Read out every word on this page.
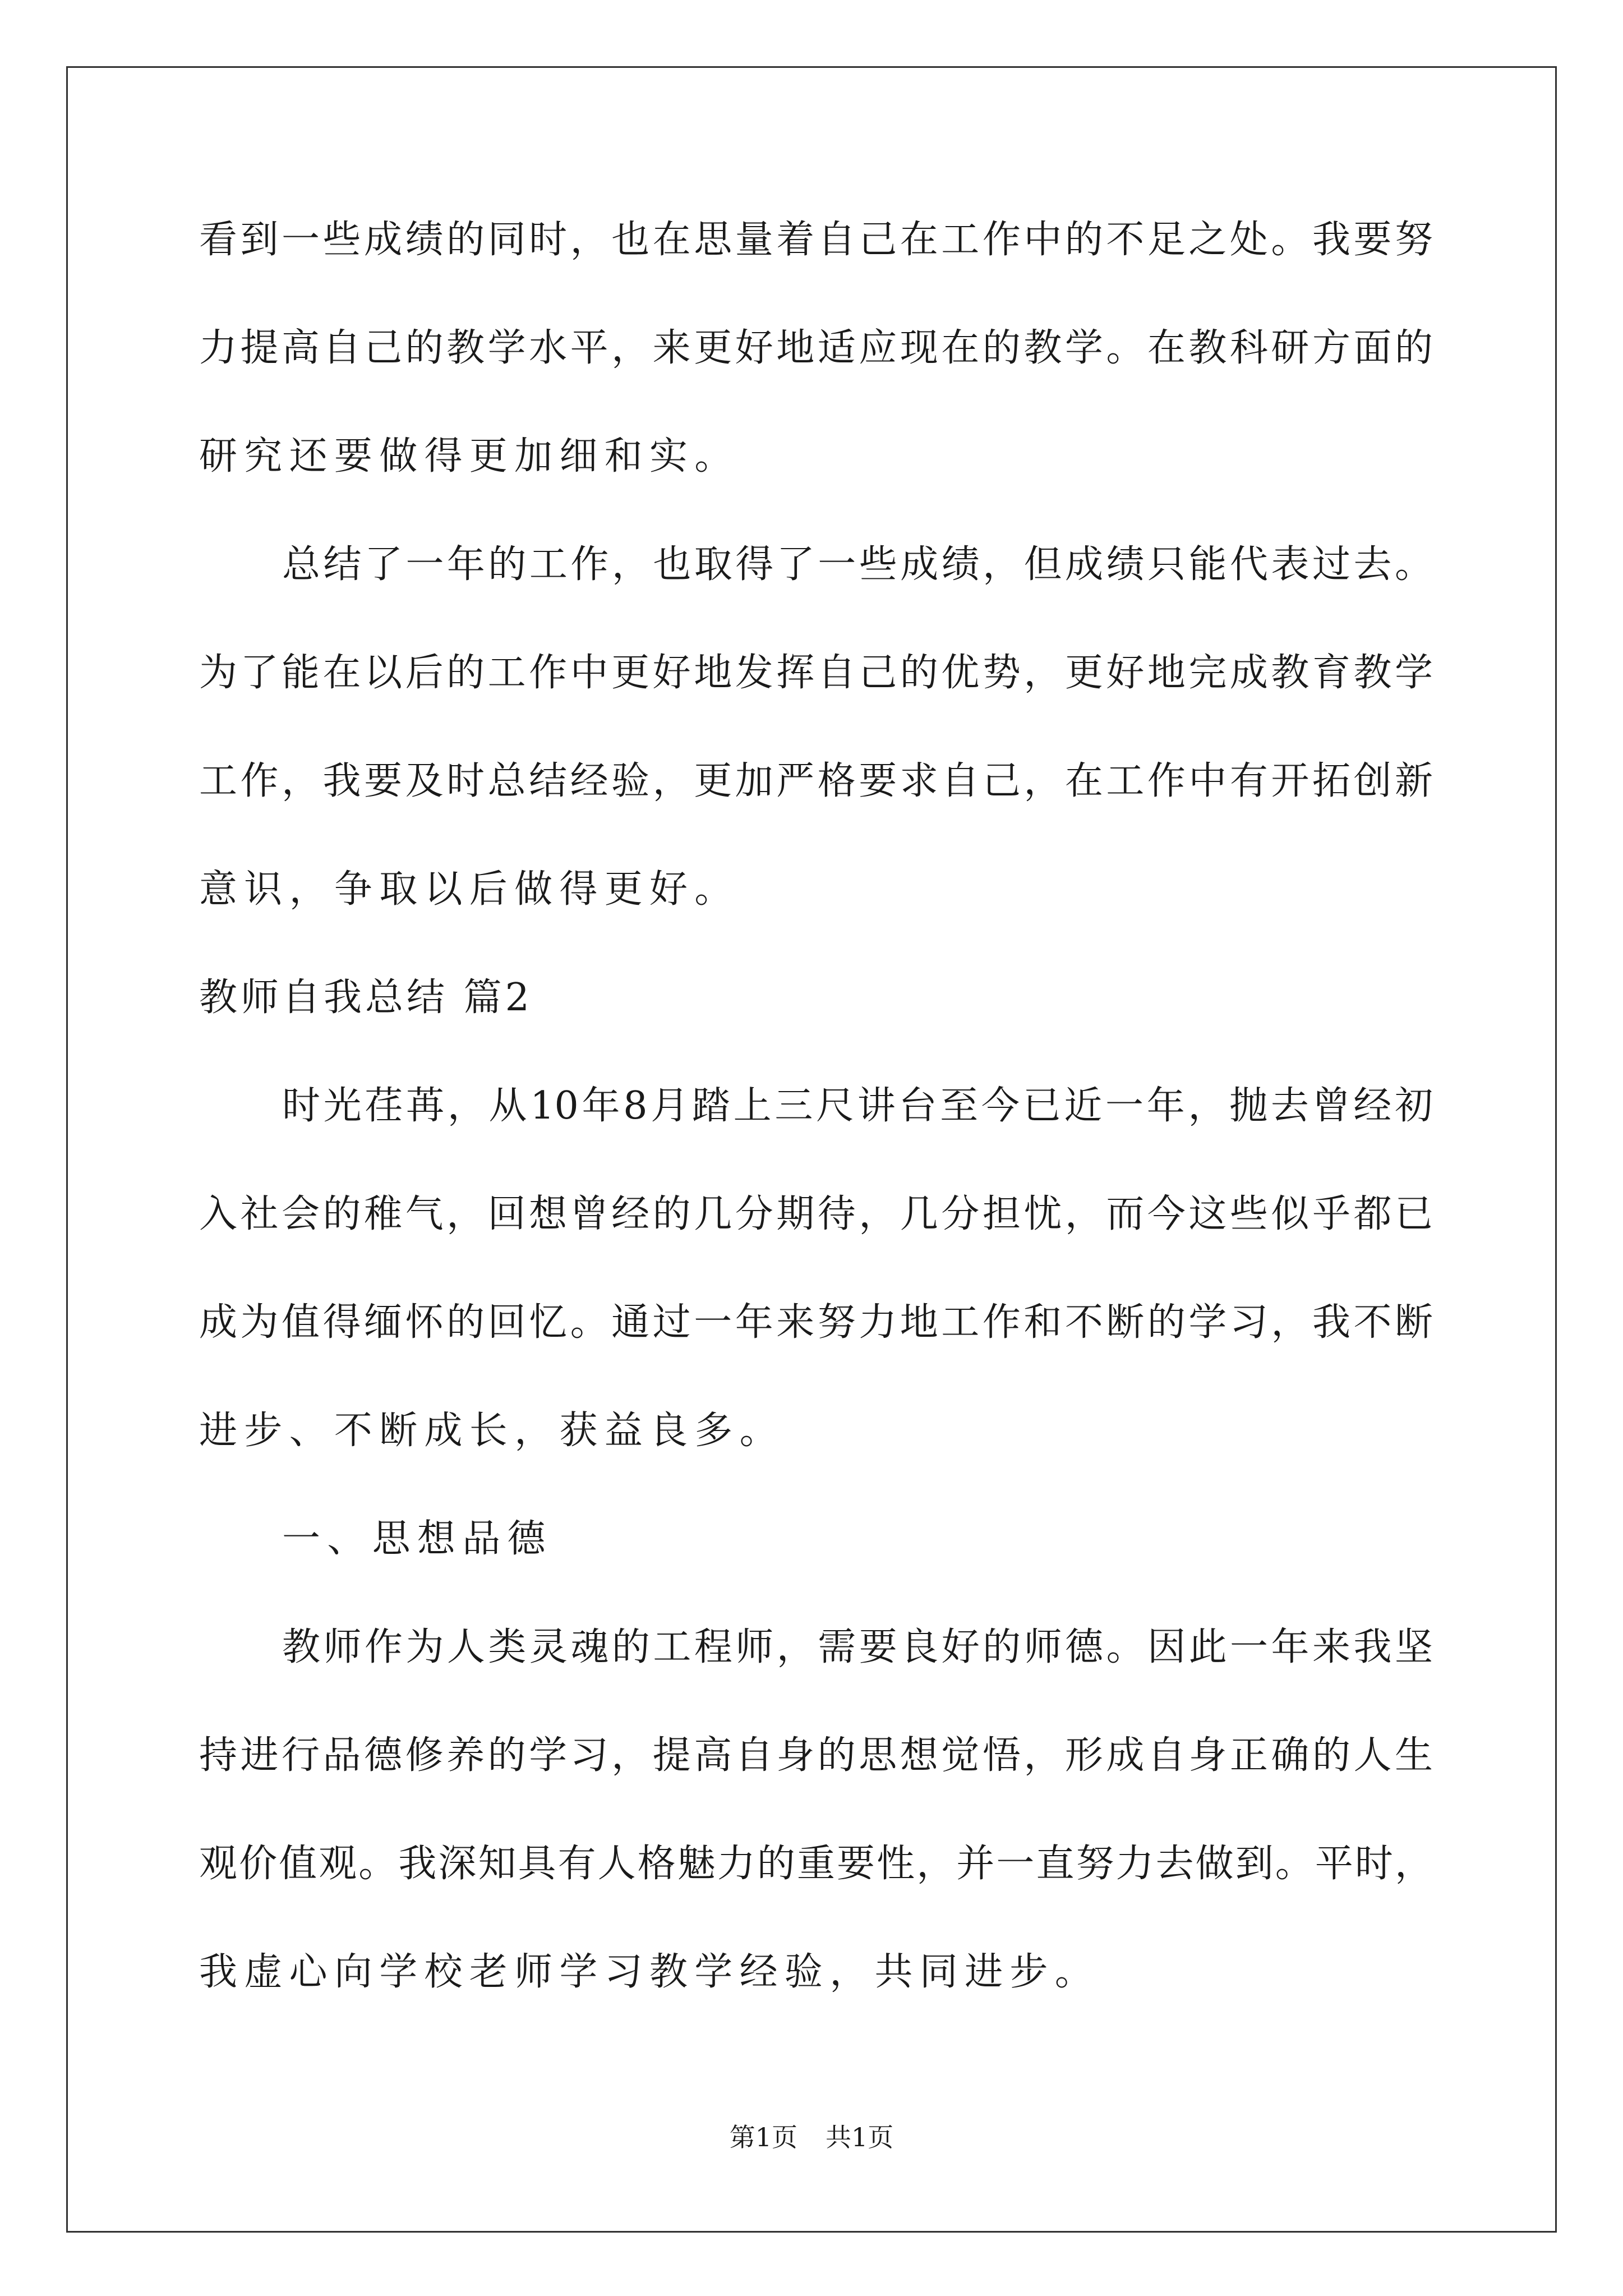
看到一些成绩的同时，也在思量着自己在工作中的不足之处。我要努
力提高自己的教学水平，来更好地适应现在的教学。在教科研方面的
研究还要做得更加细和实。
总结了一年的工作，也取得了一些成绩，但成绩只能代表过去。
为了能在以后的工作中更好地发挥自己的优势，更好地完成教育教学
工作，我要及时总结经验，更加严格要求自己，在工作中有开拓创新
意识，争取以后做得更好。
教师自我总结 篇2
时光荏苒，从10年8月踏上三尺讲台至今已近一年，抛去曾经初
入社会的稚气，回想曾经的几分期待，几分担忧，而今这些似乎都已
成为值得缅怀的回忆。通过一年来努力地工作和不断的学习，我不断
进步、不断成长，获益良多。
一、思想品德
教师作为人类灵魂的工程师，需要良好的师德。因此一年来我坚
持进行品德修养的学习，提高自身的思想觉悟，形成自身正确的人生
观价值观。我深知具有人格魅力的重要性，并一直努力去做到。平时，
我虚心向学校老师学习教学经验，共同进步。
第1页 共1页
